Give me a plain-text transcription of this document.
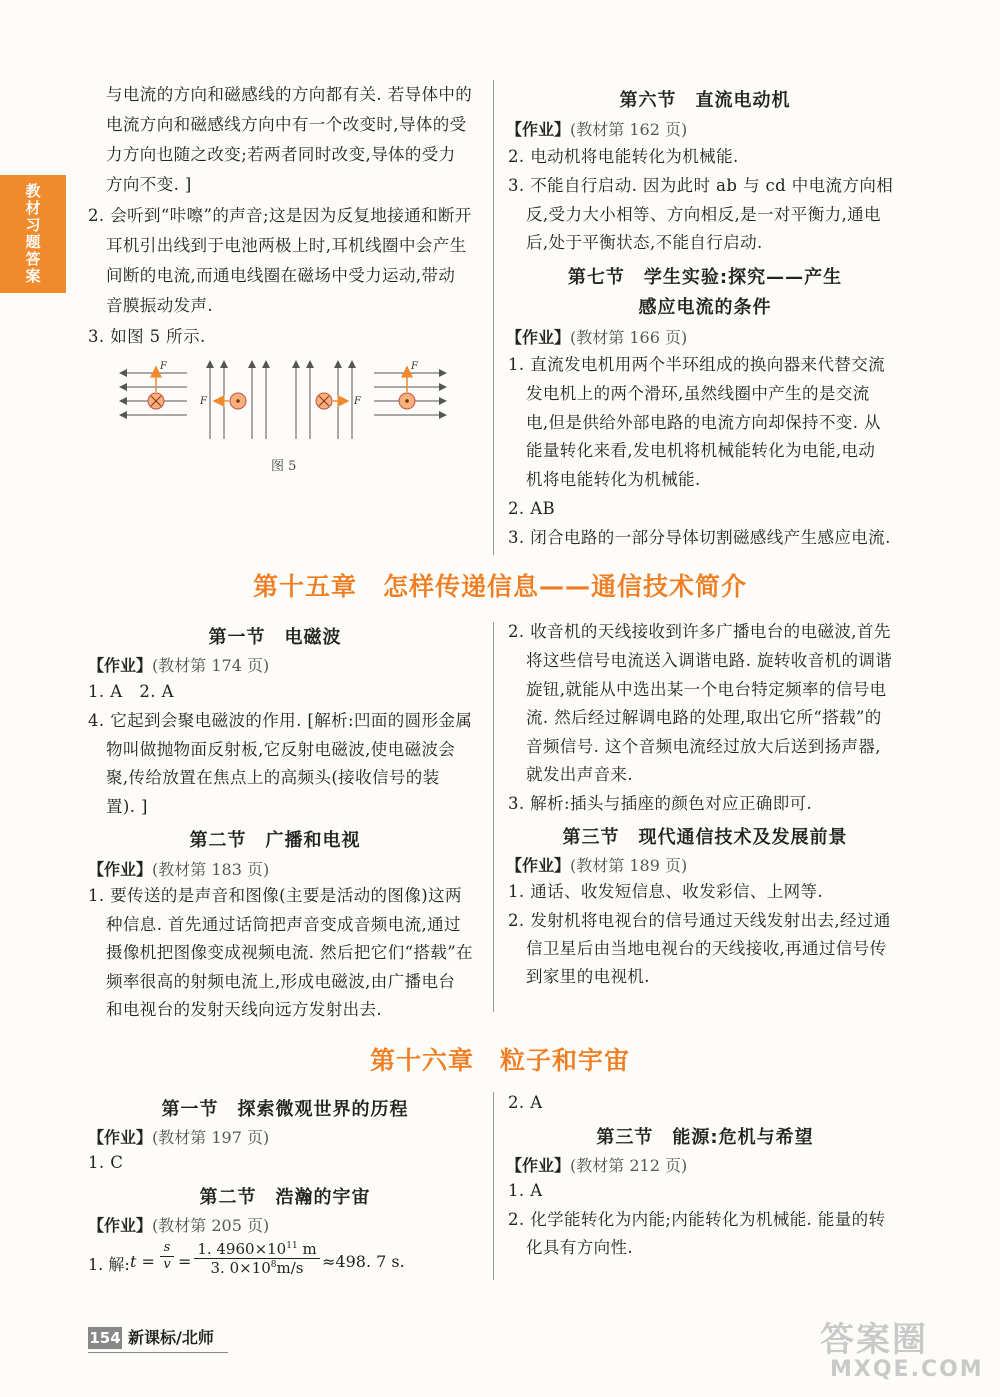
教材习题答案
与电流的方向和磁感线的方向都有关. 若导体中的
电流方向和磁感线方向中有一个改变时,导体的受
力方向也随之改变;若两者同时改变,导体的受力
方向不变. ]
2. 会听到“咔嚓”的声音;这是因为反复地接通和断开
耳机引出线到于电池两极上时,耳机线圈中会产生
间断的电流,而通电线圈在磁场中受力运动,带动
音膜振动发声.
3. 如图 5 所示.
F
F	F
F
图 5
第六节　直流电动机
【作业】(教材第 162 页)
2. 电动机将电能转化为机械能.
3. 不能自行启动. 因为此时 ab 与 cd 中电流方向相
反,受力大小相等、方向相反,是一对平衡力,通电
后,处于平衡状态,不能自行启动.
第七节　学生实验:探究——产生
感应电流的条件
【作业】(教材第 166 页)
1. 直流发电机用两个半环组成的换向器来代替交流
发电机上的两个滑环,虽然线圈中产生的是交流
电,但是供给外部电路的电流方向却保持不变. 从
能量转化来看,发电机将机械能转化为电能,电动
机将电能转化为机械能.
2. AB
3. 闭合电路的一部分导体切割磁感线产生感应电流.
第十五章　怎样传递信息——通信技术简介
第一节　电磁波
【作业】(教材第 174 页)
1. A　2. A
4. 它起到会聚电磁波的作用. [解析:凹面的圆形金属
物叫做抛物面反射板,它反射电磁波,使电磁波会
聚,传给放置在焦点上的高频头(接收信号的装
置). ]
第二节　广播和电视
【作业】(教材第 183 页)
1. 要传送的是声音和图像(主要是活动的图像)这两
种信息. 首先通过话筒把声音变成音频电流,通过
摄像机把图像变成视频电流. 然后把它们“搭载”在
频率很高的射频电流上,形成电磁波,由广播电台
和电视台的发射天线向远方发射出去.
2. 收音机的天线接收到许多广播电台的电磁波,首先
将这些信号电流送入调谐电路. 旋转收音机的调谐
旋钮,就能从中选出某一个电台特定频率的信号电
流. 然后经过解调电路的处理,取出它所“搭载”的
音频信号. 这个音频电流经过放大后送到扬声器,
就发出声音来.
3. 解析:插头与插座的颜色对应正确即可.
第三节　现代通信技术及发展前景
【作业】(教材第 189 页)
1. 通话、收发短信息、收发彩信、上网等.
2. 发射机将电视台的信号通过天线发射出去,经过通
信卫星后由当地电视台的天线接收,再通过信号传
到家里的电视机.
第十六章　粒子和宇宙
第一节　探索微观世界的历程
【作业】(教材第 197 页)
1. C
第二节　浩瀚的宇宙
【作业】(教材第 205 页)
1. 解: t =
s
v =
1. $4960\times 10^{11}$ m
3. $0\times 10^8m/s$	≈498. 7 s.
2. A
第三节　能源:危机与希望
【作业】(教材第 212 页)
1. A
2. 化学能转化为内能;内能转化为机械能. 能量的转
化具有方向性.
154 新课标/北师	答案圈
MXQE.COM
